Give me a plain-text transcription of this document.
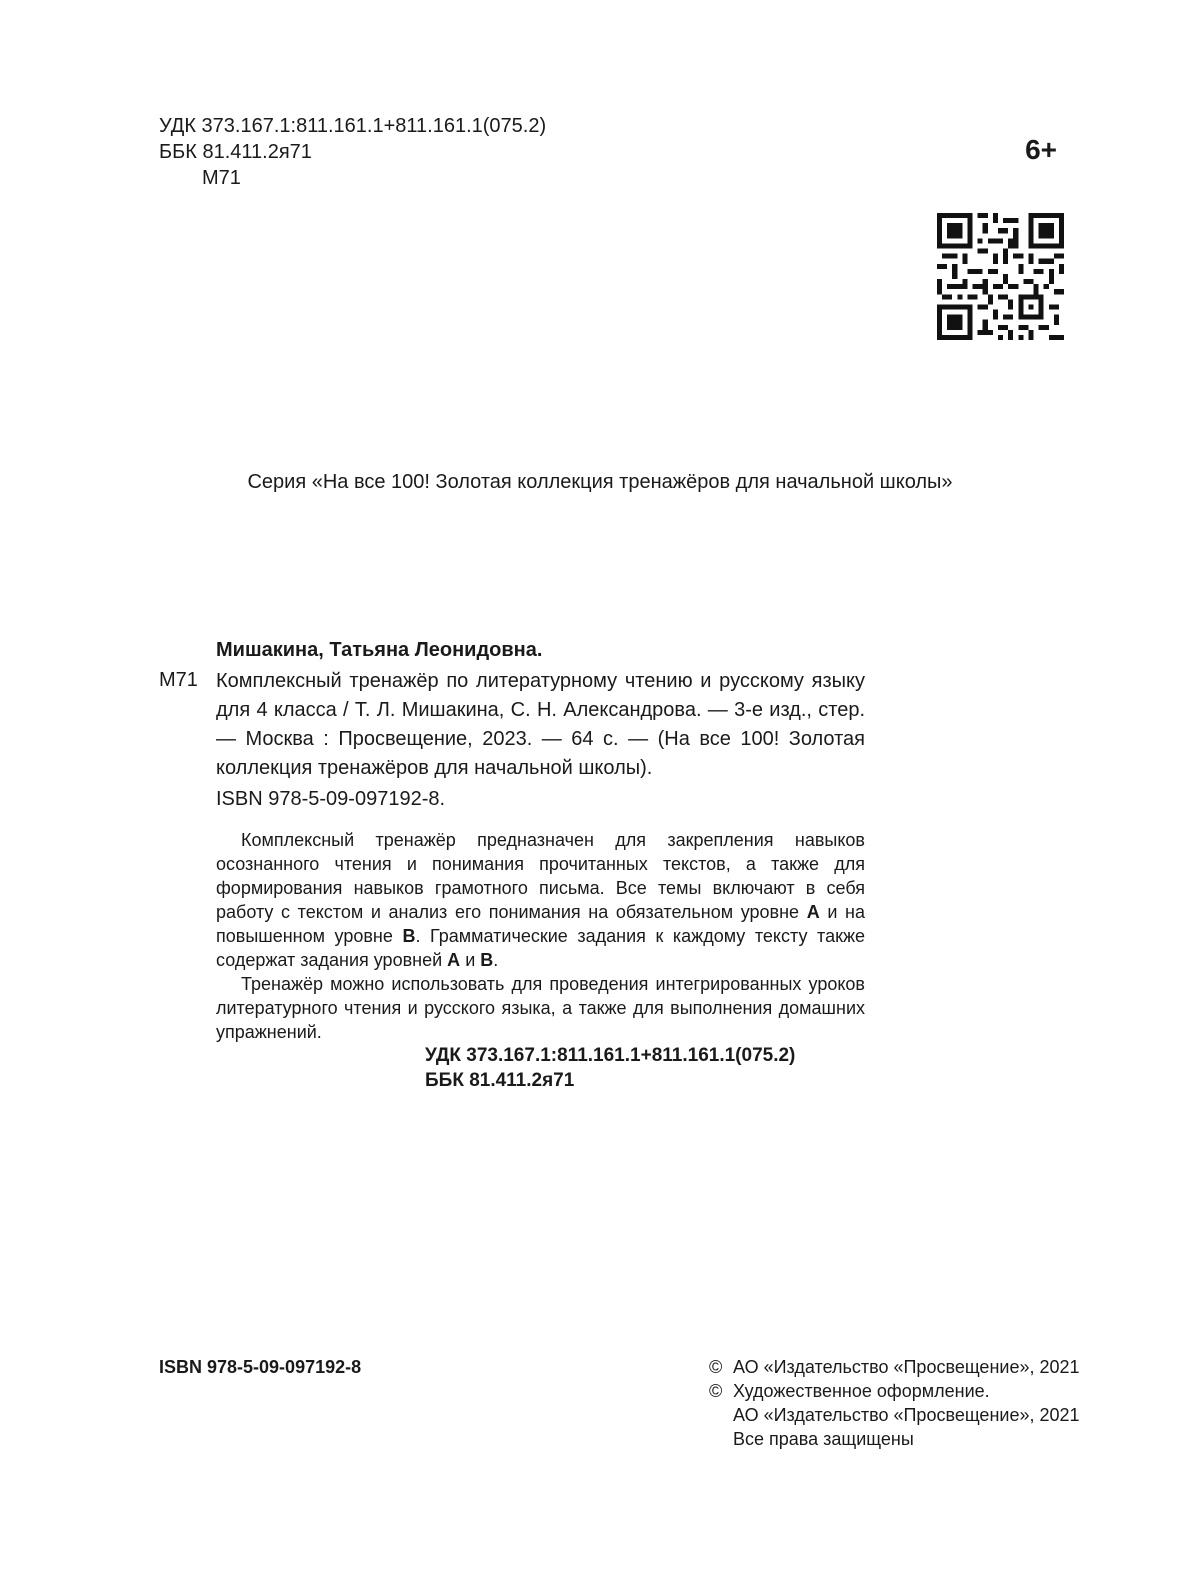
УДК 373.167.1:811.161.1+811.161.1(075.2)
ББК 81.411.2я71
М71
6+
Серия «На все 100! Золотая коллекция тренажёров для начальной школы»
Мишакина, Татьяна Леонидовна.
М71 Комплексный тренажёр по литературному чтению и русскому языку для 4 класса / Т. Л. Мишакина, С. Н. Александрова. — 3-е изд., стер. — Москва : Просвещение, 2023. — 64 с. — (На все 100! Золотая коллекция тренажёров для начальной школы).

ISBN 978-5-09-097192-8.

Комплексный тренажёр предназначен для закрепления навыков осознанного чтения и понимания прочитанных текстов, а также для формирования навыков грамотного письма. Все темы включают в себя работу с текстом и анализ его понимания на обязательном уровне А и на повышенном уровне В. Грамматические задания к каждому тексту также содержат задания уровней А и В.

Тренажёр можно использовать для проведения интегрированных уроков литературного чтения и русского языка, а также для выполнения домашних упражнений.

УДК 373.167.1:811.161.1+811.161.1(075.2)
ББК 81.411.2я71
ISBN 978-5-09-097192-8	© АО «Издательство «Просвещение», 2021
© Художественное оформление.
АО «Издательство «Просвещение», 2021
Все права защищены
